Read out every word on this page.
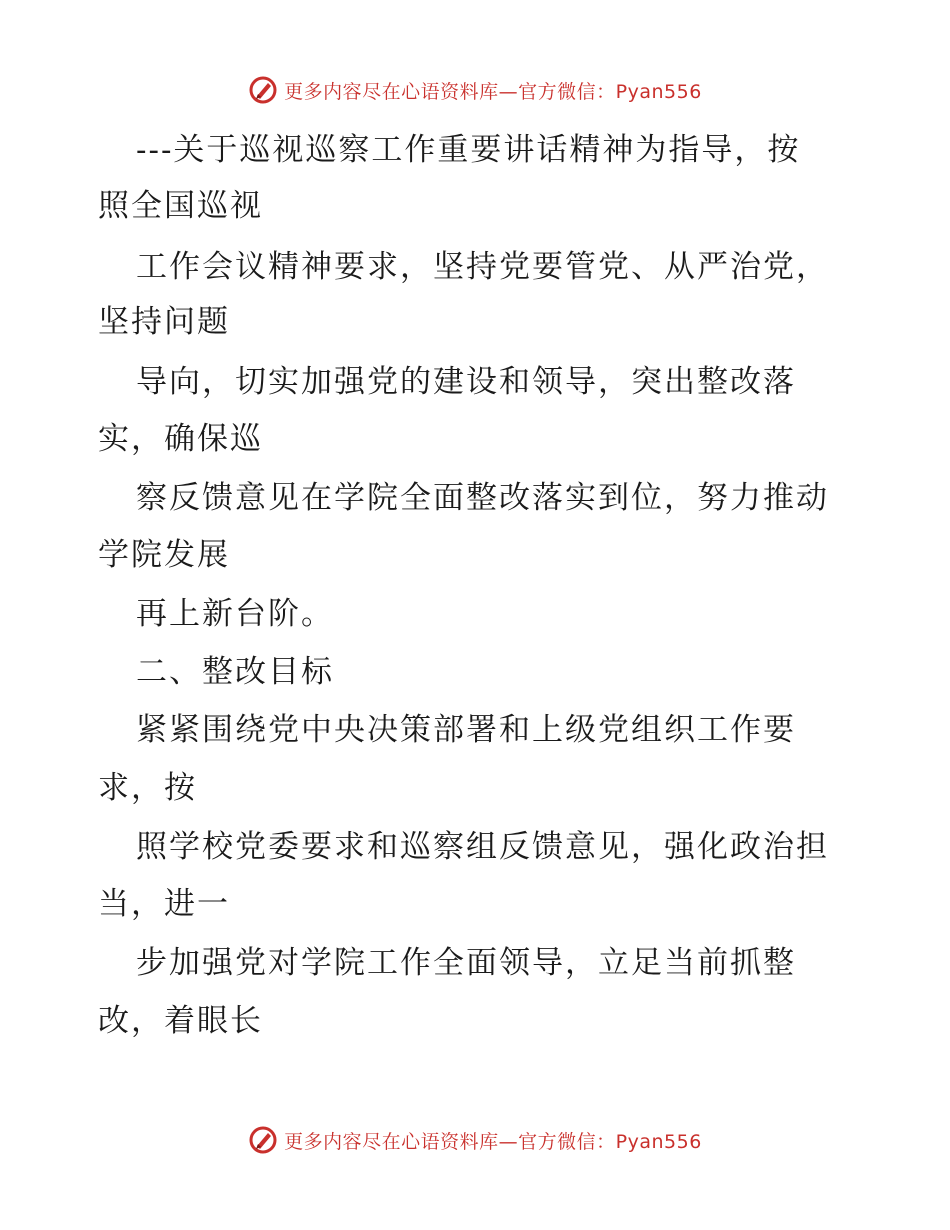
更多内容尽在心语资料库—官方微信：Pyan556
---关于巡视巡察工作重要讲话精神为指导，按
照全国巡视
工作会议精神要求，坚持党要管党、从严治党，
坚持问题
导向，切实加强党的建设和领导，突出整改落
实，确保巡
察反馈意见在学院全面整改落实到位，努力推动
学院发展
再上新台阶。
二、整改目标
紧紧围绕党中央决策部署和上级党组织工作要
求，按
照学校党委要求和巡察组反馈意见，强化政治担
当，进一
步加强党对学院工作全面领导，立足当前抓整
改，着眼长
更多内容尽在心语资料库—官方微信：Pyan556
